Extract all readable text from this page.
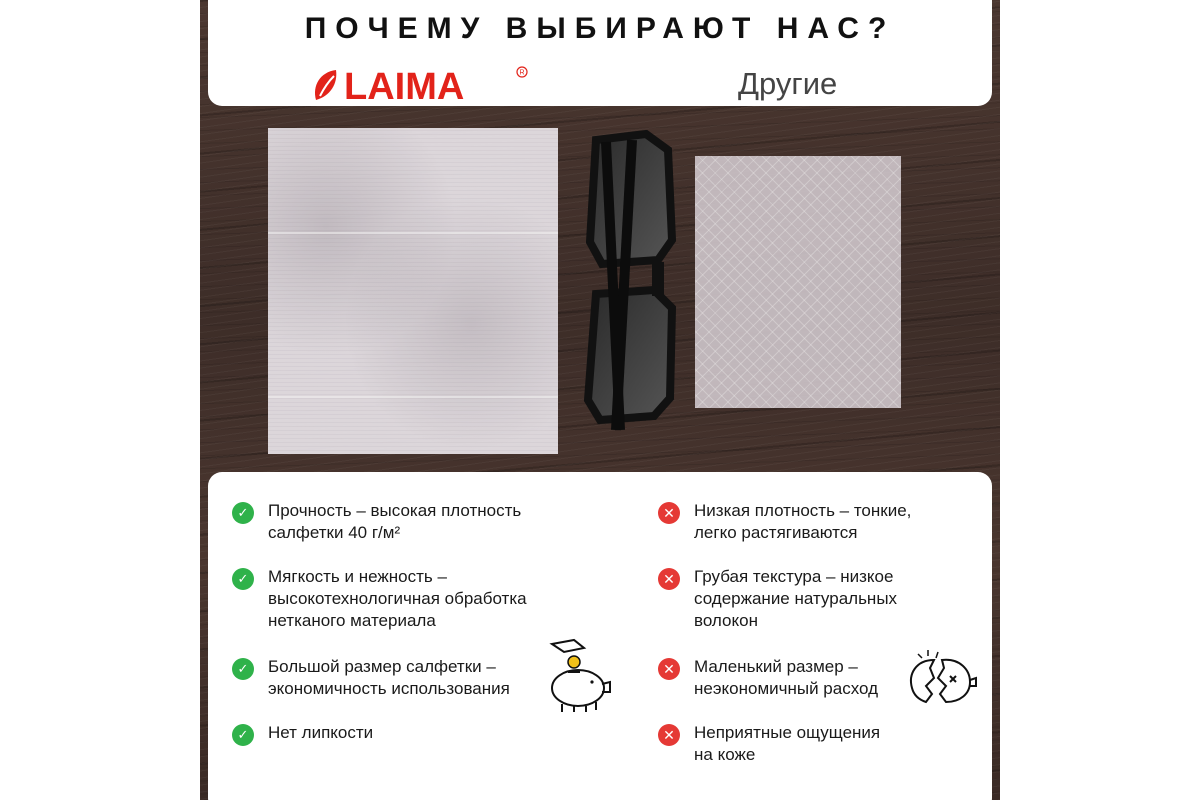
ПОЧЕМУ ВЫБИРАЮТ НАС?
LAIMA	R	Другие
✓	Прочность – высокая плотность
салфетки 40 г/м²
✓	Мягкость и нежность –
высокотехнологичная обработка
нетканого материала
✓	Большой размер салфетки –
экономичность использования
✓	Нет липкости
✕	Низкая плотность – тонкие,
легко растягиваются
✕	Грубая текстура – низкое
содержание натуральных
волокон
✕	Маленький размер –
неэкономичный расход
✕	Неприятные ощущения
на коже
